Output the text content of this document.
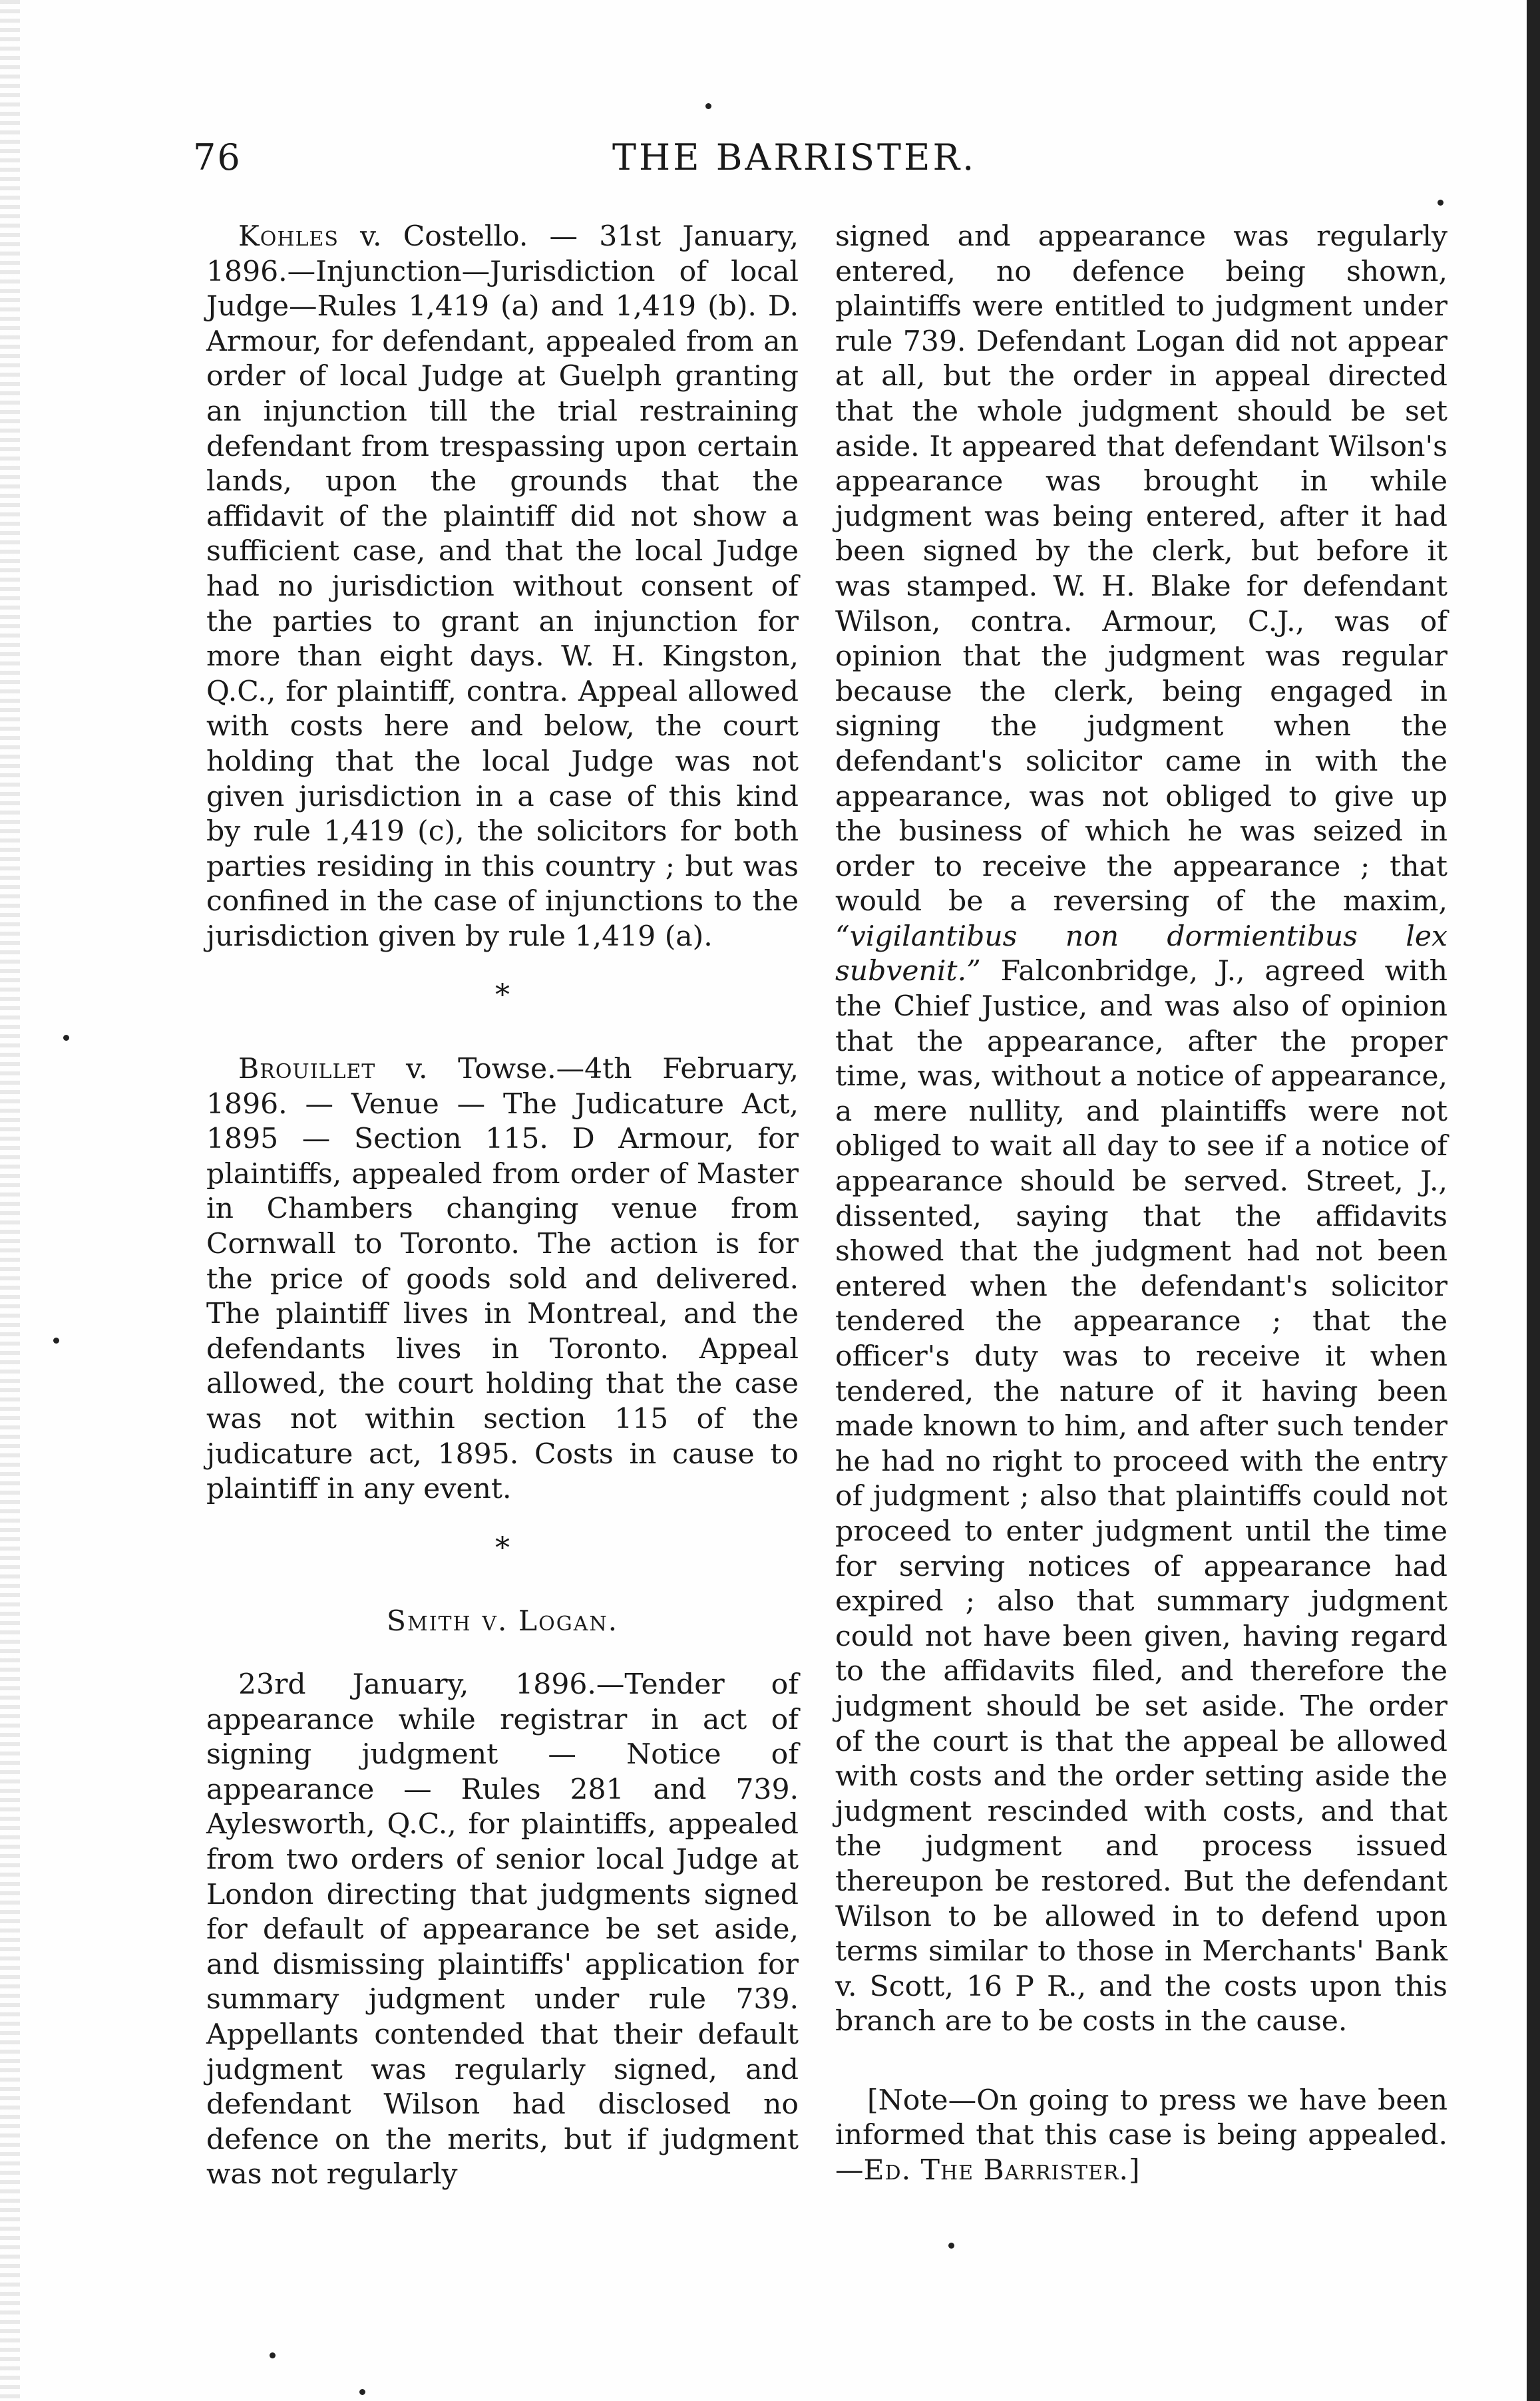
76	THE BARRISTER.

Kohles v. Costello. — 31st January, 1896.—Injunction—Jurisdiction of local Judge—Rules 1,419 (a) and 1,419 (b). D. Armour, for defendant, appealed from an order of local Judge at Guelph granting an injunction till the trial restraining defendant from trespassing upon certain lands, upon the grounds that the affidavit of the plaintiff did not show a sufficient case, and that the local Judge had no jurisdiction without consent of the parties to grant an injunction for more than eight days. W. H. Kingston, Q.C., for plaintiff, contra. Appeal allowed with costs here and below, the court holding that the local Judge was not given jurisdiction in a case of this kind by rule 1,419 (c), the solicitors for both parties residing in this country ; but was confined in the case of injunctions to the jurisdiction given by rule 1,419 (a).

*

Brouillet v. Towse.—4th February, 1896. — Venue — The Judicature Act, 1895 — Section 115. D Armour, for plaintiffs, appealed from order of Master in Chambers changing venue from Cornwall to Toronto. The action is for the price of goods sold and delivered. The plaintiff lives in Montreal, and the defendants lives in Toronto. Appeal allowed, the court holding that the case was not within section 115 of the judicature act, 1895. Costs in cause to plaintiff in any event.

*
Smith v. Logan.

23rd January, 1896.—Tender of appearance while registrar in act of signing judgment — Notice of appearance — Rules 281 and 739. Aylesworth, Q.C., for plaintiffs, appealed from two orders of senior local Judge at London directing that judgments signed for default of appearance be set aside, and dismissing plaintiffs' application for summary judgment under rule 739. Appellants contended that their default judgment was regularly signed, and defendant Wilson had disclosed no defence on the merits, but if judgment was not regularly

signed and appearance was regularly entered, no defence being shown, plaintiffs were entitled to judgment under rule 739. Defendant Logan did not appear at all, but the order in appeal directed that the whole judgment should be set aside. It appeared that defendant Wilson's appearance was brought in while judgment was being entered, after it had been signed by the clerk, but before it was stamped. W. H. Blake for defendant Wilson, contra. Armour, C.J., was of opinion that the judgment was regular because the clerk, being engaged in signing the judgment when the defendant's solicitor came in with the appearance, was not obliged to give up the business of which he was seized in order to receive the appearance ; that would be a reversing of the maxim, “vigilantibus non dormientibus lex subvenit.” Falconbridge, J., agreed with the Chief Justice, and was also of opinion that the appearance, after the proper time, was, without a notice of appearance, a mere nullity, and plaintiffs were not obliged to wait all day to see if a notice of appearance should be served. Street, J., dissented, saying that the affidavits showed that the judgment had not been entered when the defendant's solicitor tendered the appearance ; that the officer's duty was to receive it when tendered, the nature of it having been made known to him, and after such tender he had no right to proceed with the entry of judgment ; also that plaintiffs could not proceed to enter judgment until the time for serving notices of appearance had expired ; also that summary judgment could not have been given, having regard to the affidavits filed, and therefore the judgment should be set aside. The order of the court is that the appeal be allowed with costs and the order setting aside the judgment rescinded with costs, and that the judgment and process issued thereupon be restored. But the defendant Wilson to be allowed in to defend upon terms similar to those in Merchants' Bank v. Scott, 16 P R., and the costs upon this branch are to be costs in the cause.

[Note—On going to press we have been informed that this case is being appealed. —Ed. The Barrister.]
